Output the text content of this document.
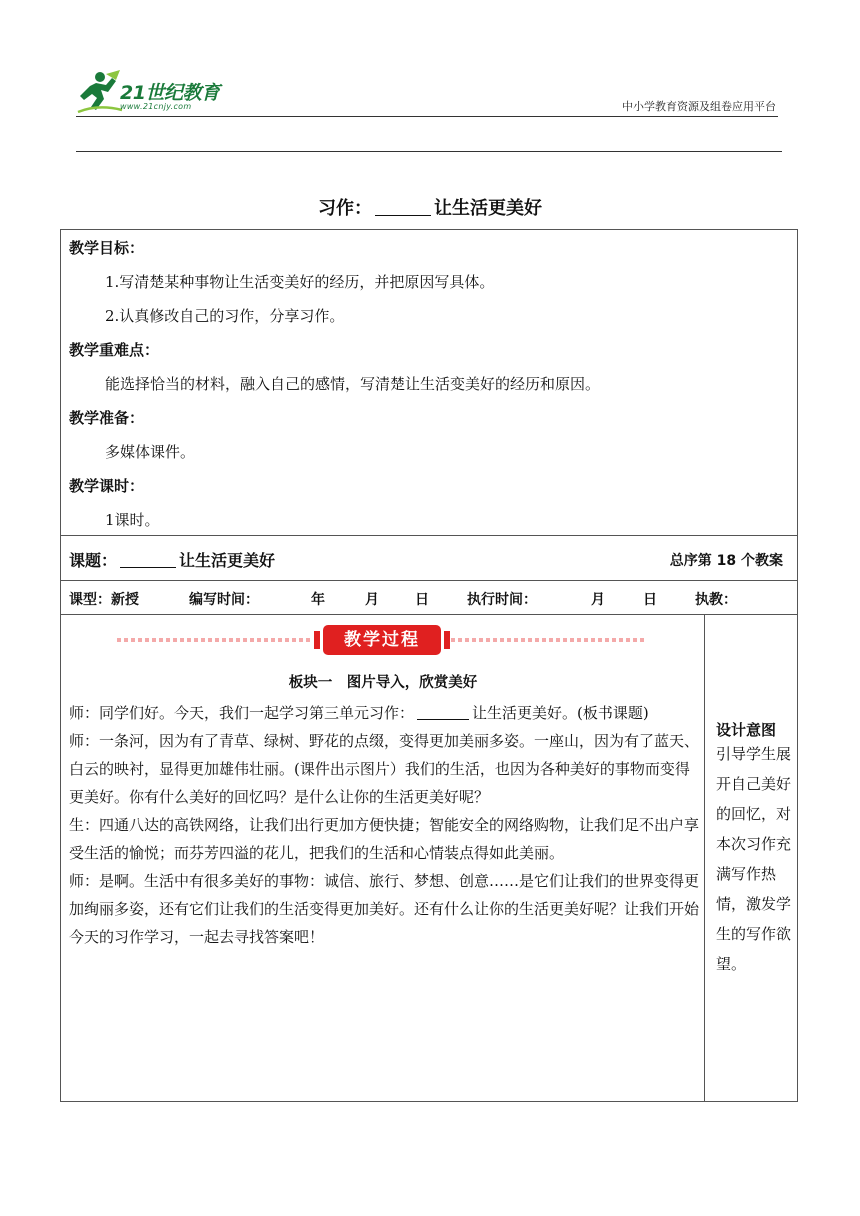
21世纪教育
www.21cnjy.com	中小学教育资源及组卷应用平台
习作：	让生活更美好
教学目标：
1.写清楚某种事物让生活变美好的经历，并把原因写具体。
2.认真修改自己的习作，分享习作。
教学重难点：
能选择恰当的材料，融入自己的感情，写清楚让生活变美好的经历和原因。
教学准备：
多媒体课件。
教学课时：
1课时。
课题：	让生活更美好	总序第 18 个教案
课型：新授	编写时间：	年	月	日	执行时间：	月	日	执教：
教学过程
板块一　图片导入，欣赏美好

师：同学们好。今天，我们一起学习第三单元习作：	让生活更美好。(板书课题)

师：一条河，因为有了青草、绿树、野花的点缀，变得更加美丽多姿。一座山，因为有了蓝天、白云的映衬，显得更加雄伟壮丽。(课件出示图片）我们的生活，也因为各种美好的事物而变得更美好。你有什么美好的回忆吗？是什么让你的生活更美好呢？

生：四通八达的高铁网络，让我们出行更加方便快捷；智能安全的网络购物，让我们足不出户享受生活的愉悦；而芬芳四溢的花儿，把我们的生活和心情装点得如此美丽。

师：是啊。生活中有很多美好的事物：诚信、旅行、梦想、创意……是它们让我们的世界变得更加绚丽多姿，还有它们让我们的生活变得更加美好。还有什么让你的生活更美好呢？让我们开始今天的习作学习，一起去寻找答案吧！

设计意图
引导学生展开自己美好的回忆，对本次习作充满写作热情，激发学生的写作欲望。
